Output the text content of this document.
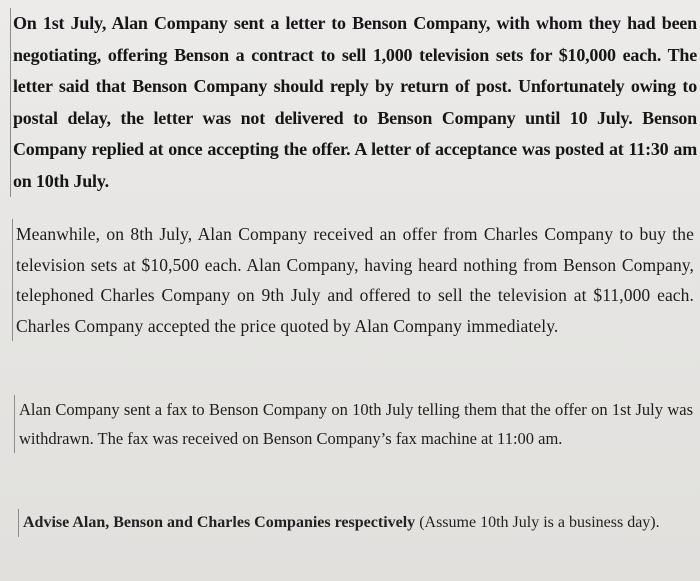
On 1st July, Alan Company sent a letter to Benson Company, with whom they had been negotiating, offering Benson a contract to sell 1,000 television sets for $10,000 each. The letter said that Benson Company should reply by return of post. Unfortunately owing to postal delay, the letter was not delivered to Benson Company until 10 July. Benson Company replied at once accepting the offer. A letter of acceptance was posted at 11:30 am on 10th July.

Meanwhile, on 8th July, Alan Company received an offer from Charles Company to buy the television sets at $10,500 each. Alan Company, having heard nothing from Benson Company, telephoned Charles Company on 9th July and offered to sell the television at $11,000 each. Charles Company accepted the price quoted by Alan Company immediately.

Alan Company sent a fax to Benson Company on 10th July telling them that the offer on 1st July was withdrawn. The fax was received on Benson Company’s fax machine at 11:00 am.

Advise Alan, Benson and Charles Companies respectively (Assume 10th July is a business day).
